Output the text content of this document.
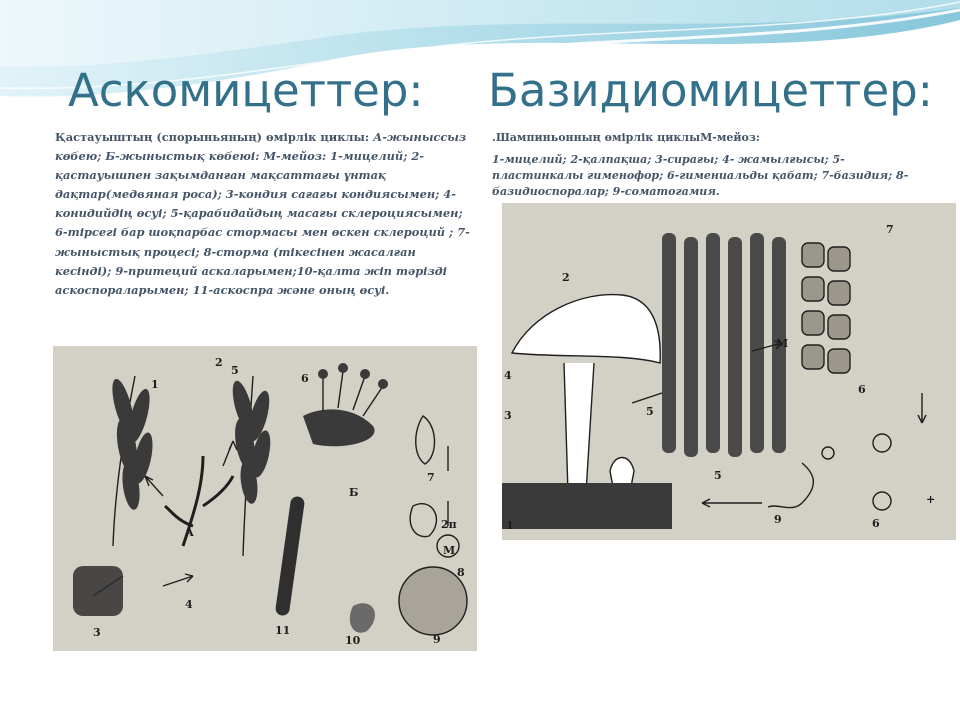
Аскомицеттер: Базидиомицеттер:

Қастауыштың (спорыньяның) өмірлік циклы: А-жыныссыз көбею; Б-жыныстық көбеюі: М-мейоз: 1-мицелий; 2-қастауышпен зақымданған мақсаттағы ұнтақ дақтар(медвяная роса); 3-кондия сағағы кондиясымен; 4- конидийдің өсуі; 5-қарабидайдың масағы склероциясымен; 6-тірсегі бар шоқпарбас стормасы мен өскен склероций ; 7-жыныстық процесі; 8-сторма (тікесінен жасалған кесінді); 9-притеций аскаларымен;10-қалта жіп тәрізді аскоспораларымен; 11-аскоспра және оның өсуі.

.Шампиньонның өмірлік циклыМ-мейоз:
1-мицелий; 2-қалпақша; 3-сирағы; 4- жамылғысы; 5-пластинкалы гименофор; 6-гимениальды қабат; 7-базидия; 8-базидиоспоралар; 9-соматогамия.

1
2
3
4
5
6
7
8
9
10
11
2п
М
А
Б
1
2
3
4
5
5
6
6
7
9
М
+
